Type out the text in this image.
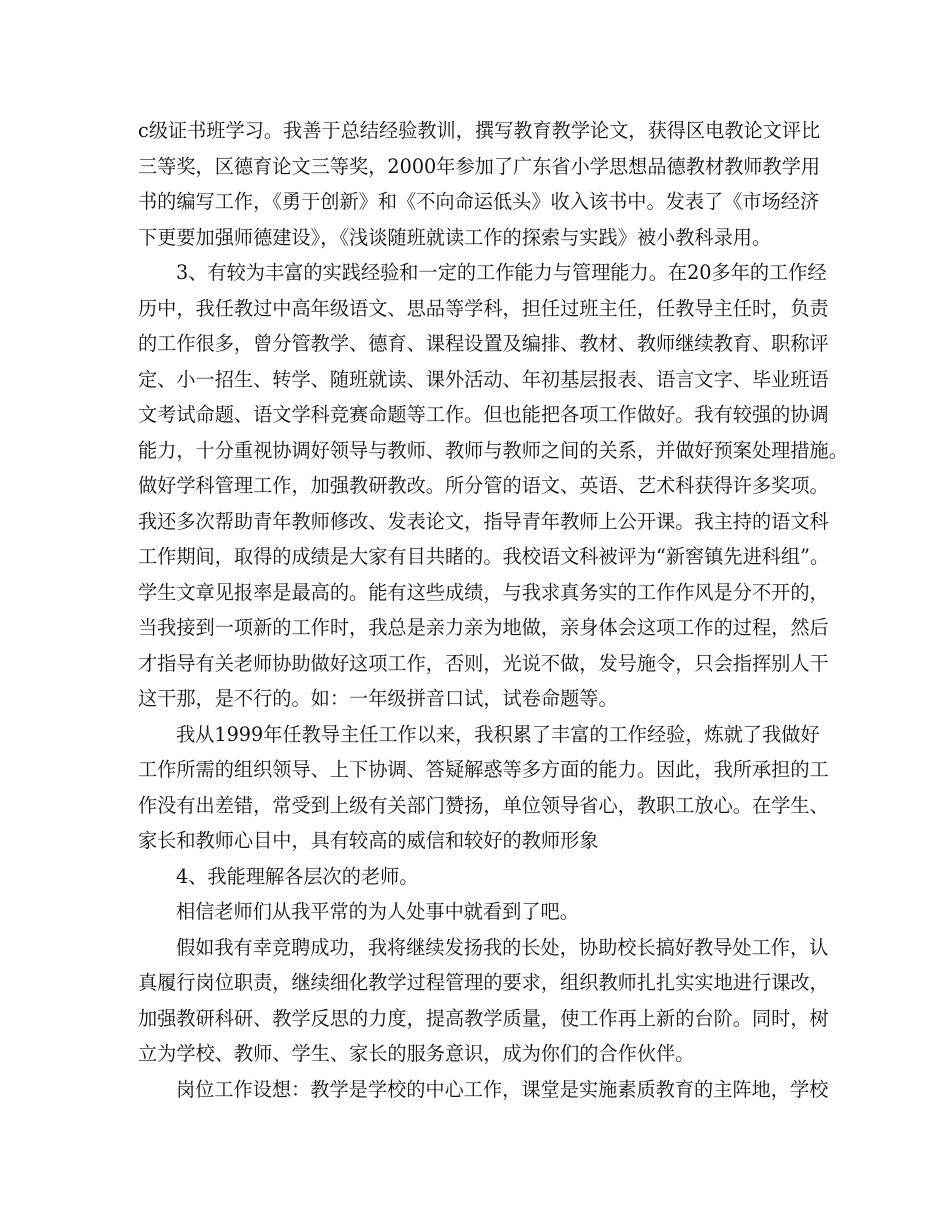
c级证书班学习。我善于总结经验教训，撰写教育教学论文，获得区电教论文评比
三等奖，区德育论文三等奖，2000年参加了广东省小学思想品德教材教师教学用
书的编写工作，《勇于创新》和《不向命运低头》收入该书中。发表了《市场经济
下更要加强师德建设》，《浅谈随班就读工作的探索与实践》被小教科录用。
3、有较为丰富的实践经验和一定的工作能力与管理能力。在20多年的工作经
历中，我任教过中高年级语文、思品等学科，担任过班主任，任教导主任时，负责
的工作很多，曾分管教学、德育、课程设置及编排、教材、教师继续教育、职称评
定、小一招生、转学、随班就读、课外活动、年初基层报表、语言文字、毕业班语
文考试命题、语文学科竞赛命题等工作。但也能把各项工作做好。我有较强的协调
能力，十分重视协调好领导与教师、教师与教师之间的关系，并做好预案处理措施。
做好学科管理工作，加强教研教改。所分管的语文、英语、艺术科获得许多奖项。
我还多次帮助青年教师修改、发表论文，指导青年教师上公开课。我主持的语文科
工作期间，取得的成绩是大家有目共睹的。我校语文科被评为“新窖镇先进科组”。
学生文章见报率是最高的。能有这些成绩，与我求真务实的工作作风是分不开的，
当我接到一项新的工作时，我总是亲力亲为地做，亲身体会这项工作的过程，然后
才指导有关老师协助做好这项工作，否则，光说不做，发号施令，只会指挥别人干
这干那，是不行的。如：一年级拼音口试，试卷命题等。
我从1999年任教导主任工作以来，我积累了丰富的工作经验，炼就了我做好
工作所需的组织领导、上下协调、答疑解惑等多方面的能力。因此，我所承担的工
作没有出差错，常受到上级有关部门赞扬，单位领导省心，教职工放心。在学生、
家长和教师心目中，具有较高的威信和较好的教师形象
4、我能理解各层次的老师。
相信老师们从我平常的为人处事中就看到了吧。
假如我有幸竞聘成功，我将继续发扬我的长处，协助校长搞好教导处工作，认
真履行岗位职责，继续细化教学过程管理的要求，组织教师扎扎实实地进行课改，
加强教研科研、教学反思的力度，提高教学质量，使工作再上新的台阶。同时，树
立为学校、教师、学生、家长的服务意识，成为你们的合作伙伴。
岗位工作设想：教学是学校的中心工作，课堂是实施素质教育的主阵地，学校
